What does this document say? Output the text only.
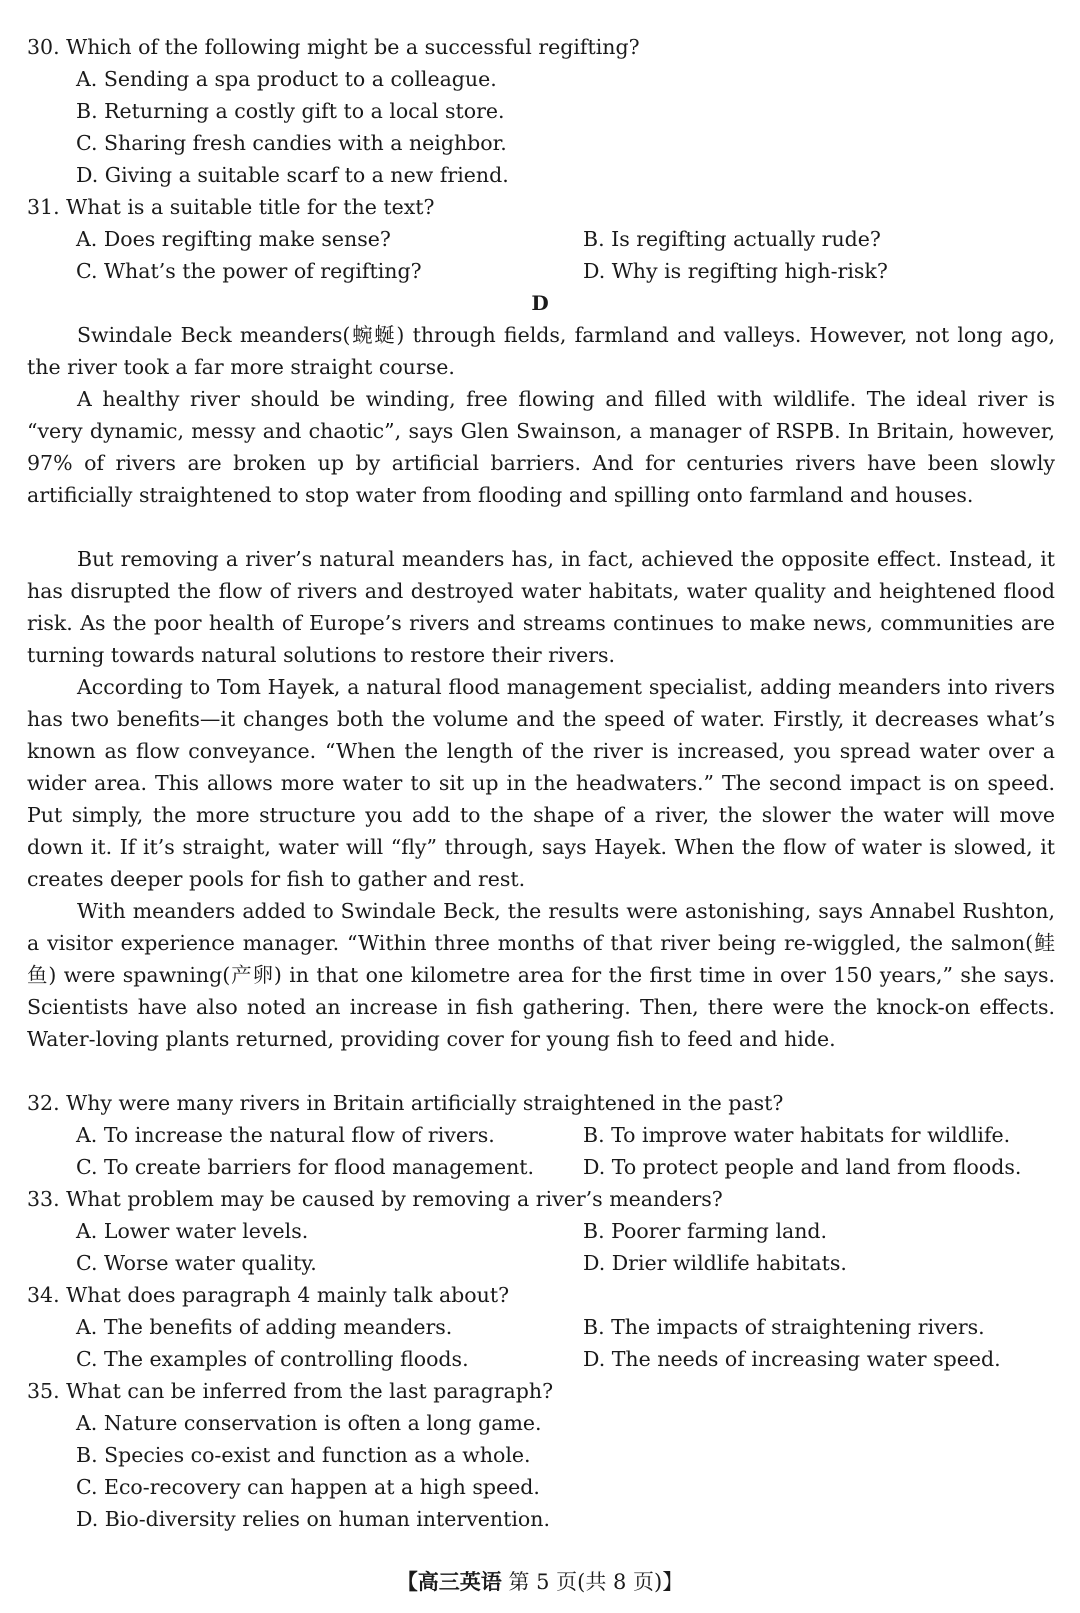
30. Which of the following might be a successful regifting?
A. Sending a spa product to a colleague.
B. Returning a costly gift to a local store.
C. Sharing fresh candies with a neighbor.
D. Giving a suitable scarf to a new friend.
31. What is a suitable title for the text?
A. Does regifting make sense?	B. Is regifting actually rude?
C. What’s the power of regifting?	D. Why is regifting high-risk?
D
Swindale Beck meanders(蜿蜒) through fields, farmland and valleys. However, not long ago, the river took a far more straight course.
A healthy river should be winding, free flowing and filled with wildlife. The ideal river is “very dynamic, messy and chaotic”, says Glen Swainson, a manager of RSPB. In Britain, however, 97% of rivers are broken up by artificial barriers. And for centuries rivers have been slowly artificially straightened to stop water from flooding and spilling onto farmland and houses.
But removing a river’s natural meanders has, in fact, achieved the opposite effect. Instead, it has disrupted the flow of rivers and destroyed water habitats, water quality and heightened flood risk. As the poor health of Europe’s rivers and streams continues to make news, communities are turning towards natural solutions to restore their rivers.
According to Tom Hayek, a natural flood management specialist, adding meanders into rivers has two benefits—it changes both the volume and the speed of water. Firstly, it decreases what’s known as flow conveyance. “When the length of the river is increased, you spread water over a wider area. This allows more water to sit up in the headwaters.” The second impact is on speed. Put simply, the more structure you add to the shape of a river, the slower the water will move down it. If it’s straight, water will “fly” through, says Hayek. When the flow of water is slowed, it creates deeper pools for fish to gather and rest.
With meanders added to Swindale Beck, the results were astonishing, says Annabel Rushton, a visitor experience manager. “Within three months of that river being re-wiggled, the salmon(鲑鱼) were spawning(产卵) in that one kilometre area for the first time in over 150 years,” she says. Scientists have also noted an increase in fish gathering. Then, there were the knock-on effects. Water-loving plants returned, providing cover for young fish to feed and hide.
32. Why were many rivers in Britain artificially straightened in the past?
A. To increase the natural flow of rivers.	B. To improve water habitats for wildlife.
C. To create barriers for flood management. D. To protect people and land from floods.
33. What problem may be caused by removing a river’s meanders?
A. Lower water levels.	B. Poorer farming land.
C. Worse water quality.	D. Drier wildlife habitats.
34. What does paragraph 4 mainly talk about?
A. The benefits of adding meanders.	B. The impacts of straightening rivers.
C. The examples of controlling floods.	D. The needs of increasing water speed.
35. What can be inferred from the last paragraph?
A. Nature conservation is often a long game.
B. Species co-exist and function as a whole.
C. Eco-recovery can happen at a high speed.
D. Bio-diversity relies on human intervention.
【高三英语 第 5 页(共 8 页)】
